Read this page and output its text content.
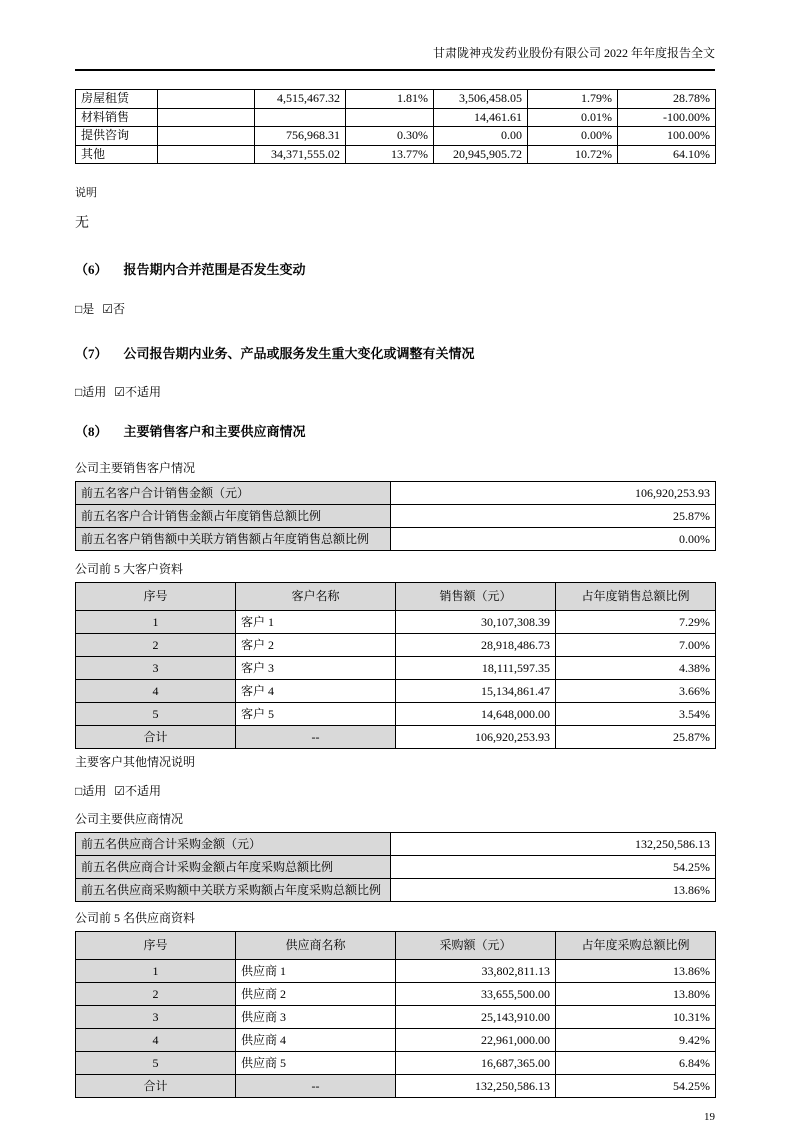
甘肃陇神戎发药业股份有限公司 2022 年年度报告全文
房屋租赁		4,515,467.32	1.81%	3,506,458.05	1.79%	28.78%
材料销售				14,461.61	0.01%	-100.00%
提供咨询		756,968.31	0.30%	0.00	0.00%	100.00%
其他		34,371,555.02	13.77%	20,945,905.72	10.72%	64.10%
说明
无
（6） 报告期内合并范围是否发生变动
□是 ☑否
（7） 公司报告期内业务、产品或服务发生重大变化或调整有关情况
□适用 ☑不适用
（8） 主要销售客户和主要供应商情况
公司主要销售客户情况
前五名客户合计销售金额（元）	106,920,253.93
前五名客户合计销售金额占年度销售总额比例	25.87%
前五名客户销售额中关联方销售额占年度销售总额比例	0.00%
公司前 5 大客户资料
序号	客户名称	销售额（元）	占年度销售总额比例
1	客户 1	30,107,308.39	7.29%
2	客户 2	28,918,486.73	7.00%
3	客户 3	18,111,597.35	4.38%
4	客户 4	15,134,861.47	3.66%
5	客户 5	14,648,000.00	3.54%
合计	--	106,920,253.93	25.87%
主要客户其他情况说明
□适用 ☑不适用
公司主要供应商情况
前五名供应商合计采购金额（元）	132,250,586.13
前五名供应商合计采购金额占年度采购总额比例	54.25%
前五名供应商采购额中关联方采购额占年度采购总额比例	13.86%
公司前 5 名供应商资料
序号	供应商名称	采购额（元）	占年度采购总额比例
1	供应商 1	33,802,811.13	13.86%
2	供应商 2	33,655,500.00	13.80%
3	供应商 3	25,143,910.00	10.31%
4	供应商 4	22,961,000.00	9.42%
5	供应商 5	16,687,365.00	6.84%
合计	--	132,250,586.13	54.25%
19
